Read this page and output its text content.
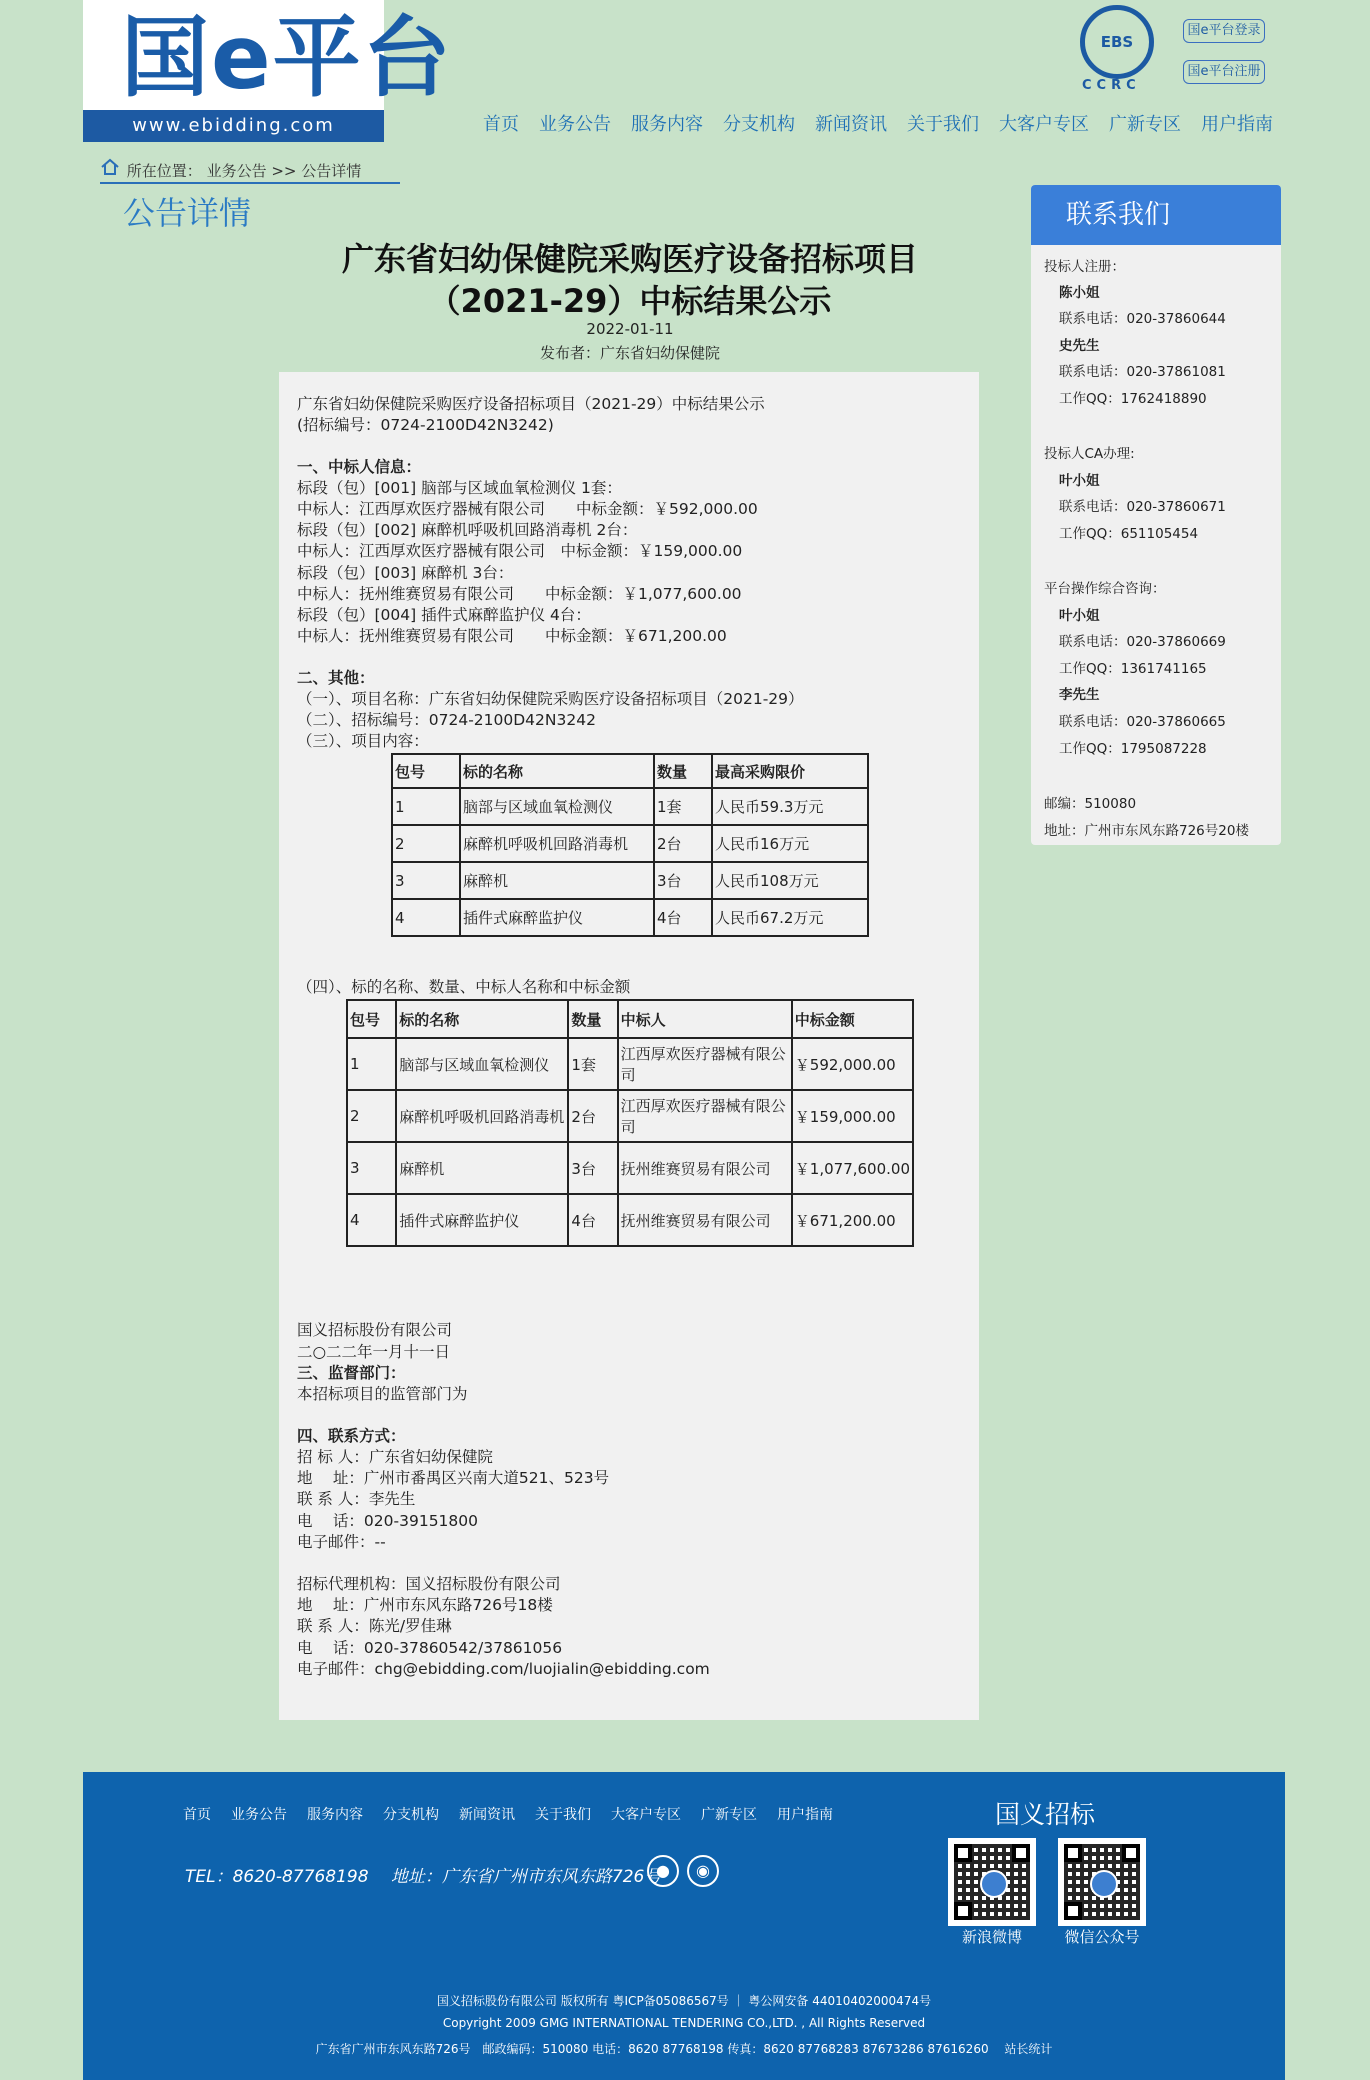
国e平台
www.ebidding.com
EBS
CCRC
国e平台登录
国e平台注册
首页 业务公告 服务内容 分支机构 新闻资讯 关于我们 大客户专区 广新专区 用户指南
所在位置： 业务公告 >> 公告详情
公告详情
广东省妇幼保健院采购医疗设备招标项目
（2021-29）中标结果公示
2022-01-11
发布者：广东省妇幼保健院
广东省妇幼保健院采购医疗设备招标项目（2021-29）中标结果公示
(招标编号：0724-2100D42N3242)
一、中标人信息：
标段（包）[001] 脑部与区域血氧检测仪 1套：
中标人：江西厚欢医疗器械有限公司　　中标金额：￥592,000.00
标段（包）[002] 麻醉机呼吸机回路消毒机 2台：
中标人：江西厚欢医疗器械有限公司　中标金额：￥159,000.00
标段（包）[003] 麻醉机 3台：
中标人：抚州维赛贸易有限公司　　中标金额：￥1,077,600.00
标段（包）[004] 插件式麻醉监护仪 4台：
中标人：抚州维赛贸易有限公司　　中标金额：￥671,200.00
二、其他：
（一）、项目名称：广东省妇幼保健院采购医疗设备招标项目（2021-29）
（二）、招标编号：0724-2100D42N3242
（三）、项目内容：
包号	标的名称	数量	最高采购限价
1	脑部与区域血氧检测仪	1套	人民币59.3万元
2	麻醉机呼吸机回路消毒机	2台	人民币16万元
3	麻醉机	3台	人民币108万元
4	插件式麻醉监护仪	4台	人民币67.2万元
（四）、标的名称、数量、中标人名称和中标金额
包号	标的名称	数量	中标人	中标金额
1	脑部与区域血氧检测仪	1套	江西厚欢医疗器械有限公司	￥592,000.00
2	麻醉机呼吸机回路消毒机	2台	江西厚欢医疗器械有限公司	￥159,000.00
3	麻醉机	3台	抚州维赛贸易有限公司	￥1,077,600.00
4	插件式麻醉监护仪	4台	抚州维赛贸易有限公司	￥671,200.00
国义招标股份有限公司
二○二二年一月十一日
三、监督部门：
本招标项目的监管部门为
四、联系方式：
招 标 人：广东省妇幼保健院
地　 址：广州市番禺区兴南大道521、523号
联 系 人：李先生
电　 话：020-39151800
电子邮件：--
招标代理机构：国义招标股份有限公司
地　 址：广州市东风东路726号18楼
联 系 人：陈光/罗佳琳
电　 话：020-37860542/37861056
电子邮件：chg@ebidding.com/luojialin@ebidding.com
联系我们
投标人注册：
陈小姐
联系电话：020-37860644
史先生
联系电话：020-37861081
工作QQ：1762418890
投标人CA办理:
叶小姐
联系电话：020-37860671
工作QQ：651105454
平台操作综合咨询：
叶小姐
联系电话：020-37860669
工作QQ：1361741165
李先生
联系电话：020-37860665
工作QQ：1795087228
邮编：510080
地址：广州市东风东路726号20楼
首页 业务公告 服务内容 分支机构 新闻资讯 关于我们 大客户专区 广新专区 用户指南
TEL：8620-87768198　 地址：广东省广州市东风东路726号
●	◉
国义招标
新浪微博	微信公众号
国义招标股份有限公司 版权所有 粤ICP备05086567号 ｜ 粤公网安备 44010402000474号
Copyright 2009 GMG INTERNATIONAL TENDERING CO.,LTD. , All Rights Reserved
广东省广州市东风东路726号　邮政编码：510080 电话：8620 87768198 传真：8620 87768283 87673286 87616260　 站长统计
